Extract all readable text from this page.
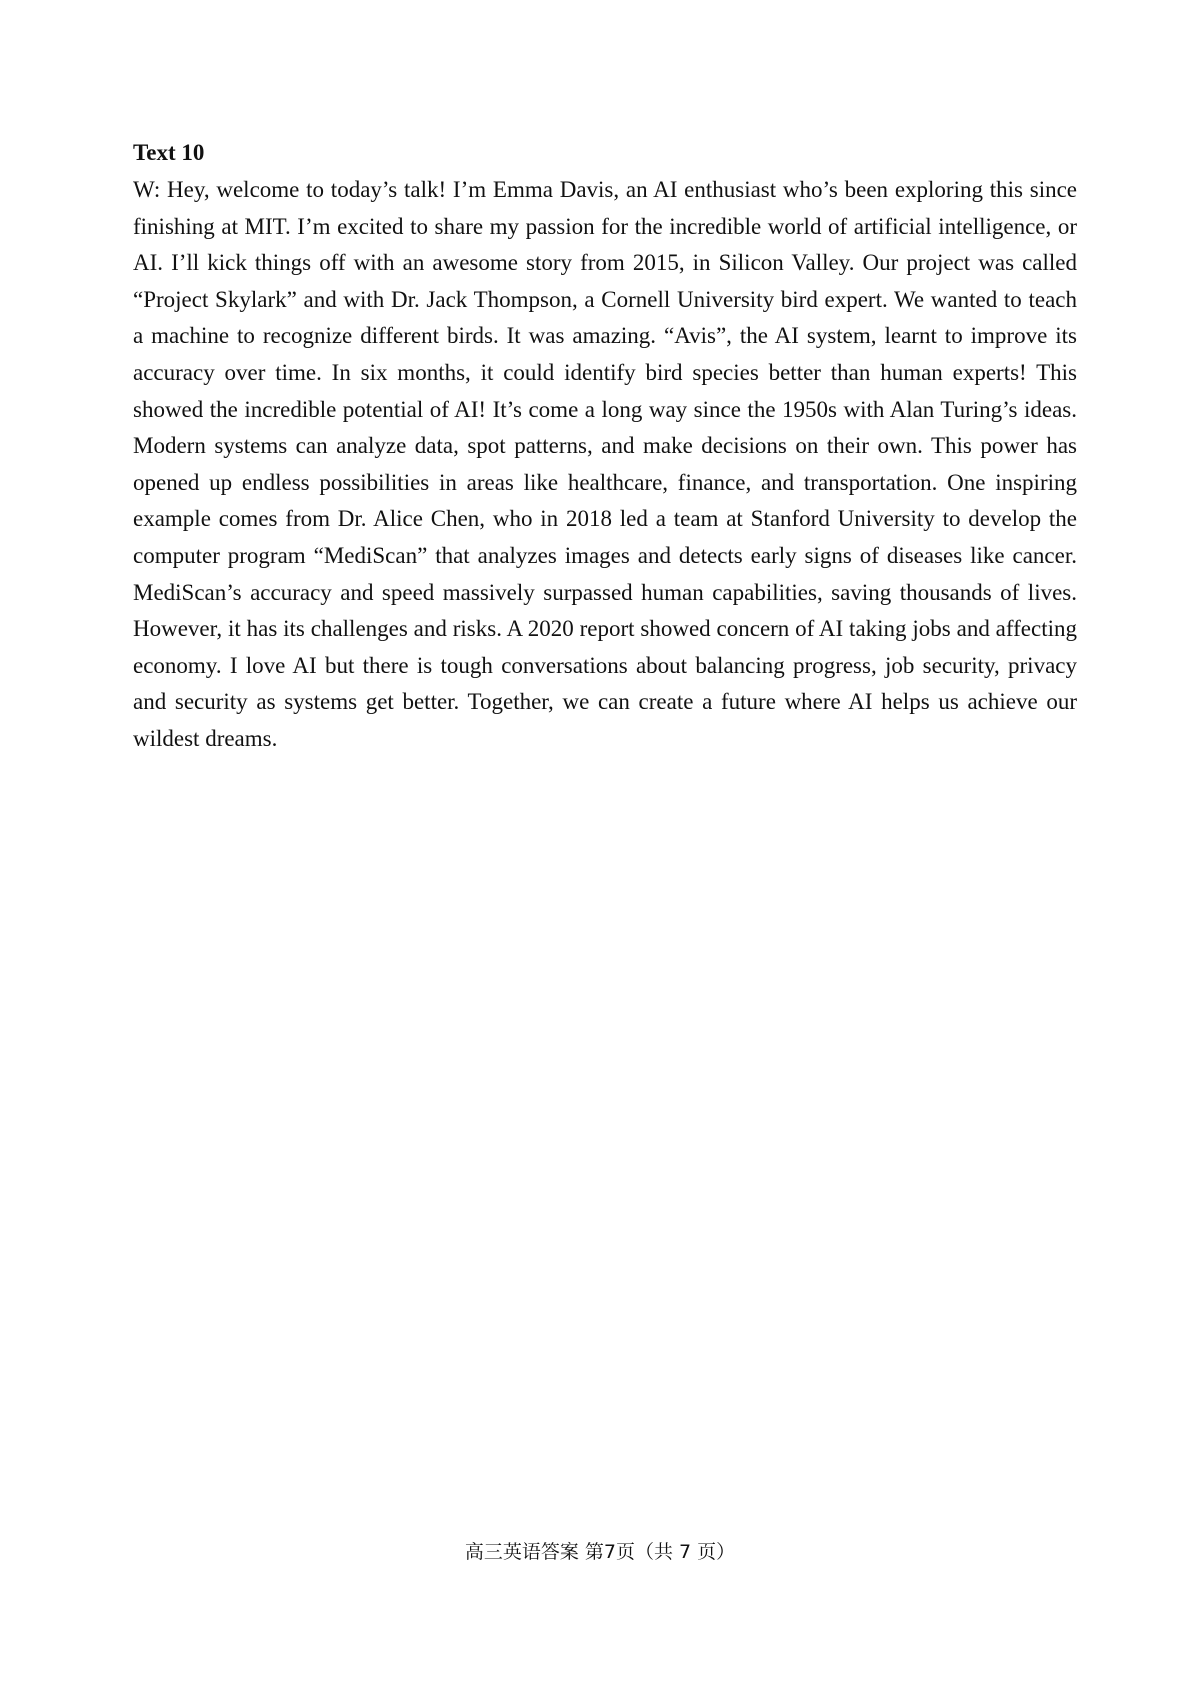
Text 10

W: Hey, welcome to today’s talk! I’m Emma Davis, an AI enthusiast who’s been exploring this since finishing at MIT. I’m excited to share my passion for the incredible world of artificial intelligence, or AI. I’ll kick things off with an awesome story from 2015, in Silicon Valley. Our project was called “Project Skylark” and with Dr. Jack Thompson, a Cornell University bird expert. We wanted to teach a machine to recognize different birds. It was amazing. “Avis”, the AI system, learnt to improve its accuracy over time. In six months, it could identify bird species better than human experts! This showed the incredible potential of AI! It’s come a long way since the 1950s with Alan Turing’s ideas. Modern systems can analyze data, spot patterns, and make decisions on their own. This power has opened up endless possibilities in areas like healthcare, finance, and transportation. One inspiring example comes from Dr. Alice Chen, who in 2018 led a team at Stanford University to develop the computer program “MediScan” that analyzes images and detects early signs of diseases like cancer. MediScan’s accuracy and speed massively surpassed human capabilities, saving thousands of lives. However, it has its challenges and risks. A 2020 report showed concern of AI taking jobs and affecting economy. I love AI but there is tough conversations about balancing progress, job security, privacy and security as systems get better. Together, we can create a future where AI helps us achieve our wildest dreams.

高三英语答案 第7页（共 7 页）
